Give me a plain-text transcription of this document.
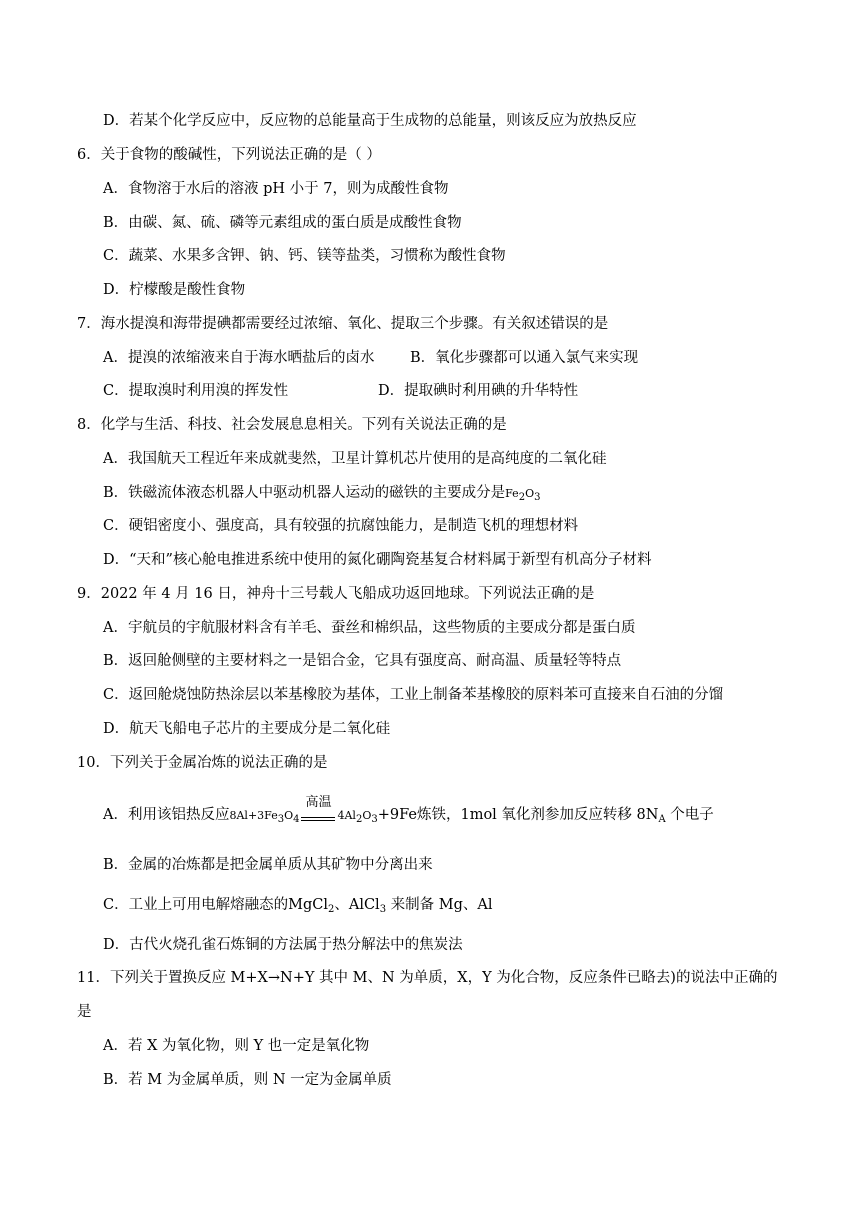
D．若某个化学反应中，反应物的总能量高于生成物的总能量，则该反应为放热反应
6．关于食物的酸碱性，下列说法正确的是（ ）
A．食物溶于水后的溶液 pH 小于 7，则为成酸性食物
B．由碳、氮、硫、磷等元素组成的蛋白质是成酸性食物
C．蔬菜、水果多含钾、钠、钙、镁等盐类，习惯称为酸性食物
D．柠檬酸是酸性食物
7．海水提溴和海带提碘都需要经过浓缩、氧化、提取三个步骤。有关叙述错误的是
A．提溴的浓缩液来自于海水晒盐后的卤水 B．氧化步骤都可以通入氯气来实现
C．提取溴时利用溴的挥发性	D．提取碘时利用碘的升华特性
8．化学与生活、科技、社会发展息息相关。下列有关说法正确的是
A．我国航天工程近年来成就斐然，卫星计算机芯片使用的是高纯度的二氧化硅
B．铁磁流体液态机器人中驱动机器人运动的磁铁的主要成分是$Fe_2O_3$
C．硬铝密度小、强度高，具有较强的抗腐蚀能力，是制造飞机的理想材料
D．“天和”核心舱电推进系统中使用的氮化硼陶瓷基复合材料属于新型有机高分子材料
9．2022 年 4 月 16 日，神舟十三号载人飞船成功返回地球。下列说法正确的是
A．宇航员的宇航服材料含有羊毛、蚕丝和棉织品，这些物质的主要成分都是蛋白质
B．返回舱侧壁的主要材料之一是铝合金，它具有强度高、耐高温、质量轻等特点
C．返回舱烧蚀防热涂层以苯基橡胶为基体，工业上制备苯基橡胶的原料苯可直接来自石油的分馏
D．航天飞船电子芯片的主要成分是二氧化硅
10．下列关于金属冶炼的说法正确的是
A．利用该铝热反应$8Al+3Fe_3O_4$
高温
$4Al_2O_3+9Fe$炼铁，1mol 氧化剂参加反应转移 $8N_A$ 个电子
B．金属的冶炼都是把金属单质从其矿物中分离出来
C．工业上可用电解熔融态的MgCl$_2$、AlCl$_3$ 来制备 Mg、Al
D．古代火烧孔雀石炼铜的方法属于热分解法中的焦炭法
11．下列关于置换反应 M+X→N+Y 其中 M、N 为单质，X，Y 为化合物，反应条件已略去)的说法中正确的
是
A．若 X 为氧化物，则 Y 也一定是氧化物
B．若 M 为金属单质，则 N 一定为金属单质
